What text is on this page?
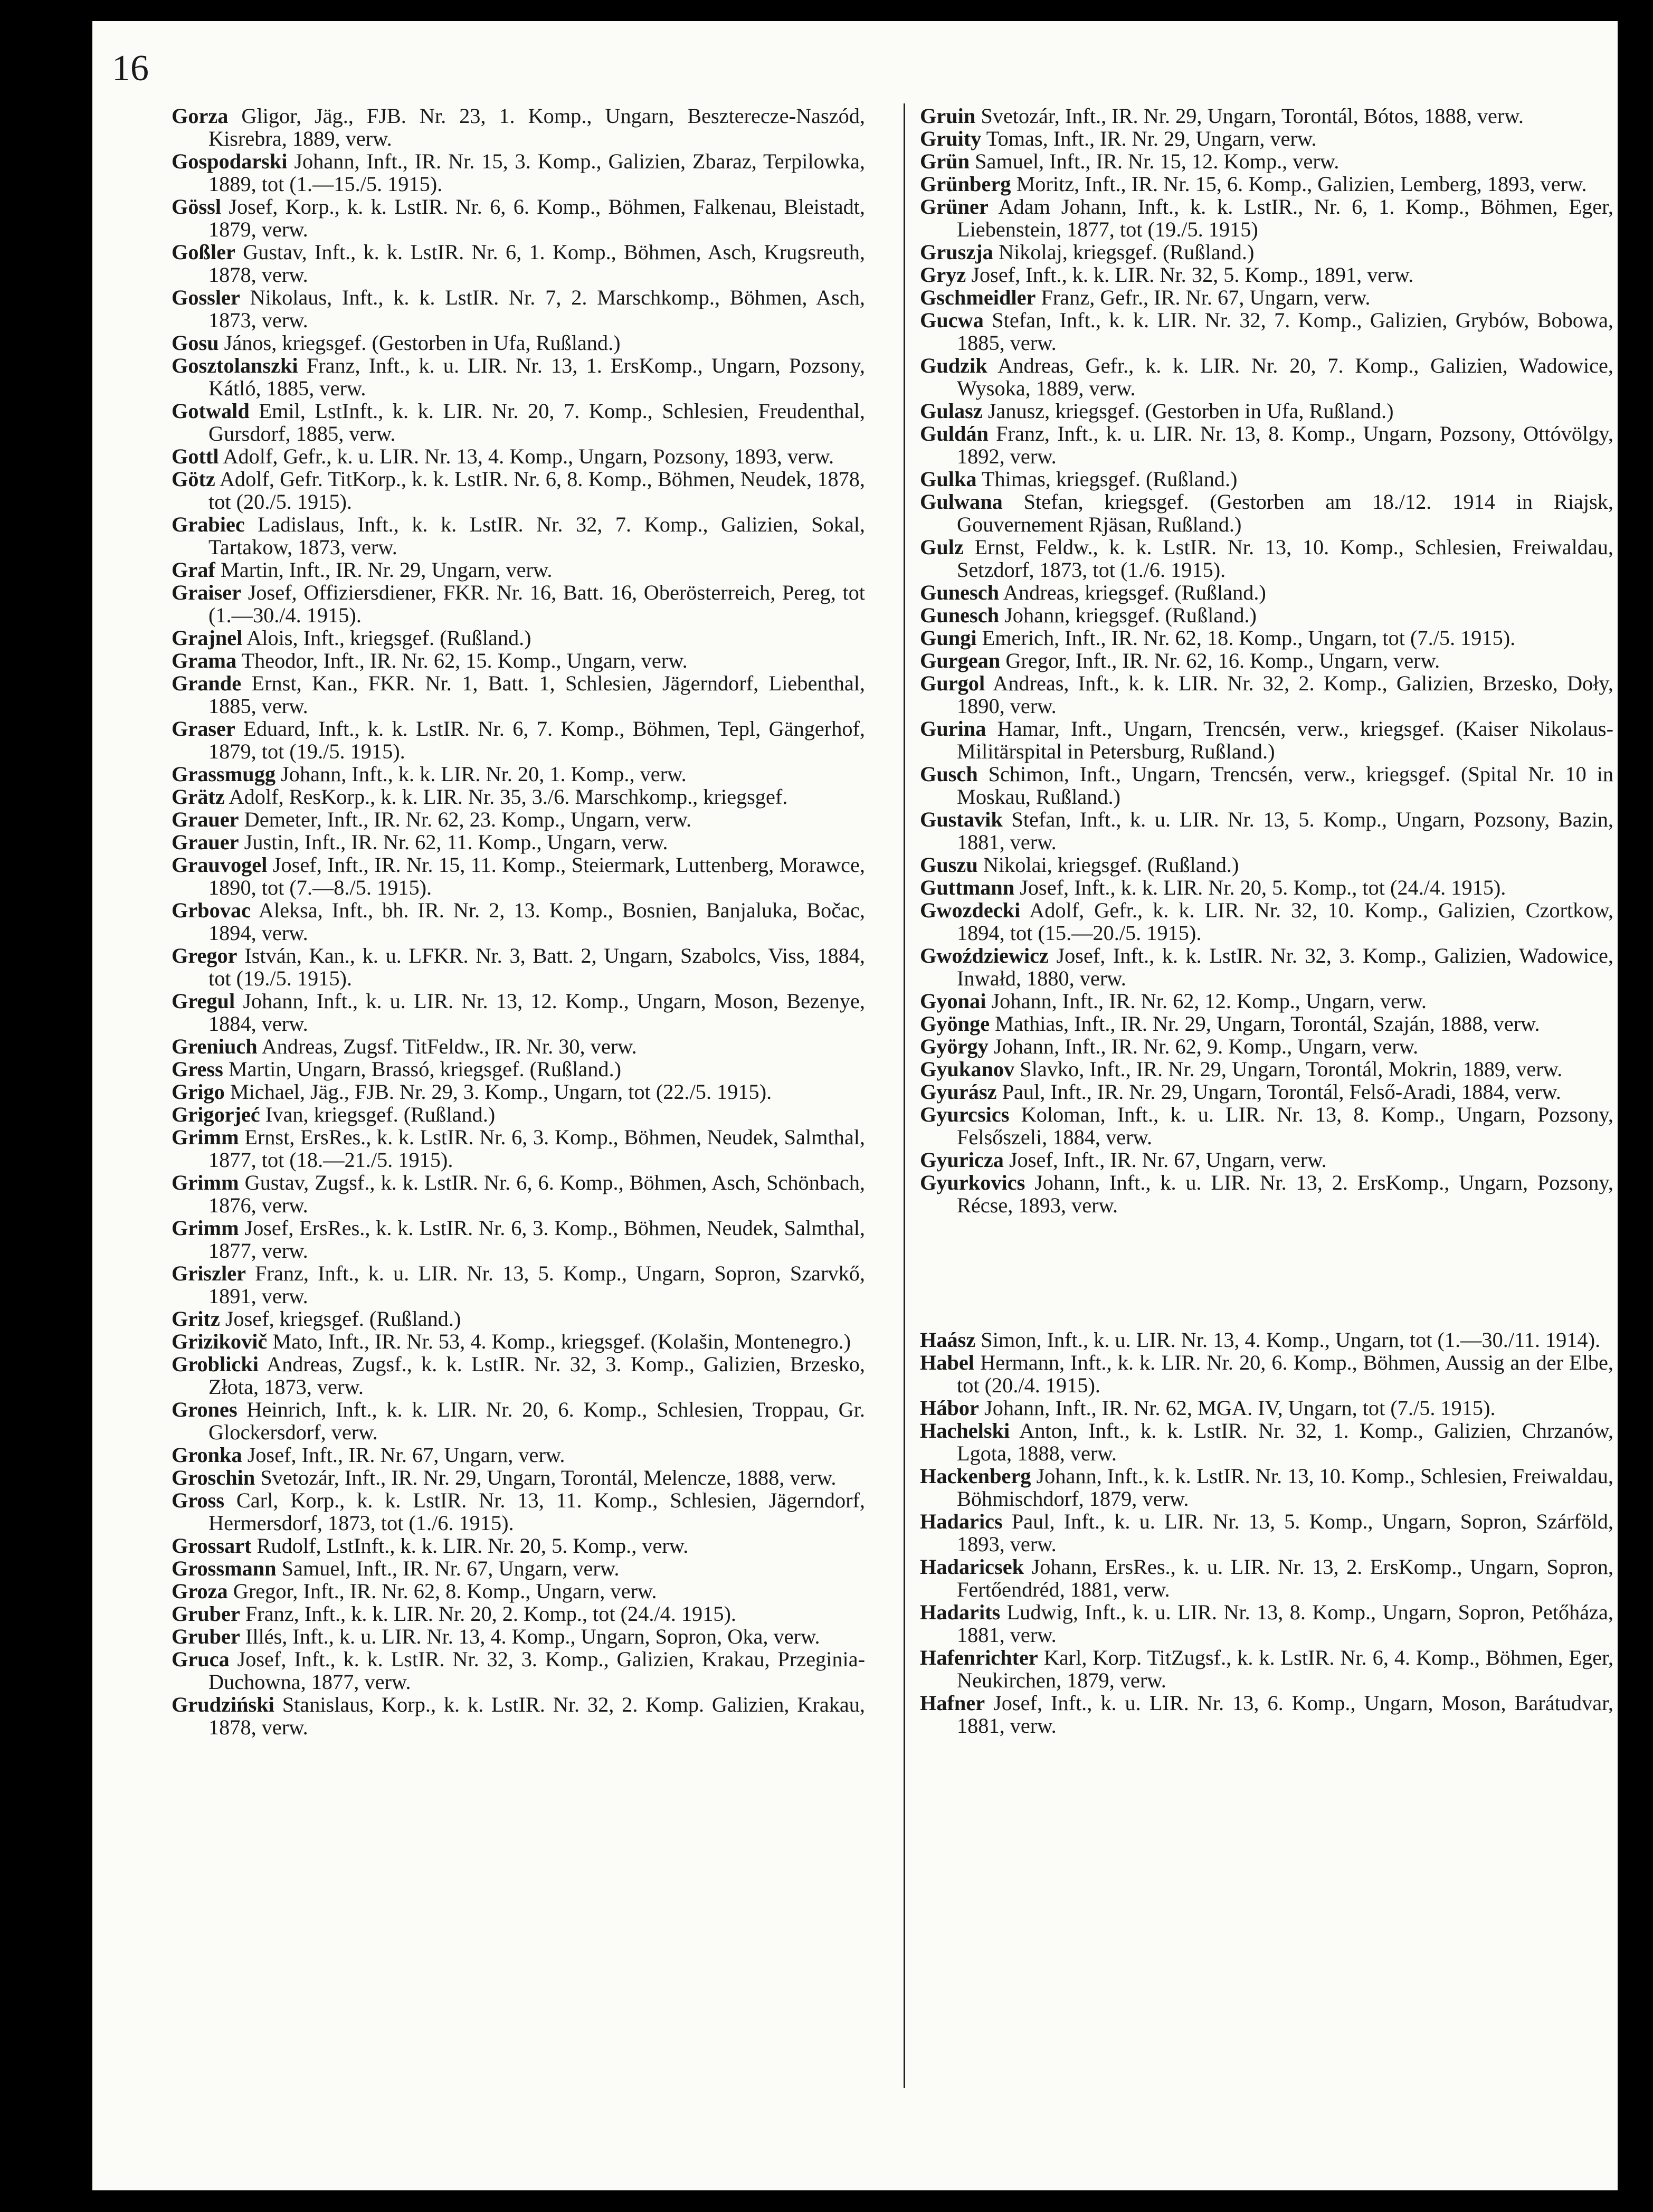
16

Gorza Gligor, Jäg., FJB. Nr. 23, 1. Komp., Ungarn, Beszterecze-Naszód, Kisrebra, 1889, verw.

Gospodarski Johann, Inft., IR. Nr. 15, 3. Komp., Galizien, Zbaraz, Terpilowka, 1889, tot (1.—15./5. 1915).

Gössl Josef, Korp., k. k. LstIR. Nr. 6, 6. Komp., Böhmen, Falkenau, Bleistadt, 1879, verw.

Goßler Gustav, Inft., k. k. LstIR. Nr. 6, 1. Komp., Böhmen, Asch, Krugsreuth, 1878, verw.

Gossler Nikolaus, Inft., k. k. LstIR. Nr. 7, 2. Marschkomp., Böhmen, Asch, 1873, verw.

Gosu János, kriegsgef. (Gestorben in Ufa, Rußland.)

Gosztolanszki Franz, Inft., k. u. LIR. Nr. 13, 1. ErsKomp., Ungarn, Pozsony, Kátló, 1885, verw.

Gotwald Emil, LstInft., k. k. LIR. Nr. 20, 7. Komp., Schlesien, Freudenthal, Gursdorf, 1885, verw.

Gottl Adolf, Gefr., k. u. LIR. Nr. 13, 4. Komp., Ungarn, Pozsony, 1893, verw.

Götz Adolf, Gefr. TitKorp., k. k. LstIR. Nr. 6, 8. Komp., Böhmen, Neudek, 1878, tot (20./5. 1915).

Grabiec Ladislaus, Inft., k. k. LstIR. Nr. 32, 7. Komp., Galizien, Sokal, Tartakow, 1873, verw.

Graf Martin, Inft., IR. Nr. 29, Ungarn, verw.

Graiser Josef, Offiziersdiener, FKR. Nr. 16, Batt. 16, Oberösterreich, Pereg, tot (1.—30./4. 1915).

Grajnel Alois, Inft., kriegsgef. (Rußland.)

Grama Theodor, Inft., IR. Nr. 62, 15. Komp., Ungarn, verw.

Grande Ernst, Kan., FKR. Nr. 1, Batt. 1, Schlesien, Jägerndorf, Liebenthal, 1885, verw.

Graser Eduard, Inft., k. k. LstIR. Nr. 6, 7. Komp., Böhmen, Tepl, Gängerhof, 1879, tot (19./5. 1915).

Grassmugg Johann, Inft., k. k. LIR. Nr. 20, 1. Komp., verw.

Grätz Adolf, ResKorp., k. k. LIR. Nr. 35, 3./6. Marschkomp., kriegsgef.

Grauer Demeter, Inft., IR. Nr. 62, 23. Komp., Ungarn, verw.

Grauer Justin, Inft., IR. Nr. 62, 11. Komp., Ungarn, verw.

Grauvogel Josef, Inft., IR. Nr. 15, 11. Komp., Steiermark, Luttenberg, Morawce, 1890, tot (7.—8./5. 1915).

Grbovac Aleksa, Inft., bh. IR. Nr. 2, 13. Komp., Bosnien, Banjaluka, Bočac, 1894, verw.

Gregor István, Kan., k. u. LFKR. Nr. 3, Batt. 2, Ungarn, Szabolcs, Viss, 1884, tot (19./5. 1915).

Gregul Johann, Inft., k. u. LIR. Nr. 13, 12. Komp., Ungarn, Moson, Bezenye, 1884, verw.

Greniuch Andreas, Zugsf. TitFeldw., IR. Nr. 30, verw.

Gress Martin, Ungarn, Brassó, kriegsgef. (Rußland.)

Grigo Michael, Jäg., FJB. Nr. 29, 3. Komp., Ungarn, tot (22./5. 1915).

Grigorjeć Ivan, kriegsgef. (Rußland.)

Grimm Ernst, ErsRes., k. k. LstIR. Nr. 6, 3. Komp., Böhmen, Neudek, Salmthal, 1877, tot (18.—21./5. 1915).

Grimm Gustav, Zugsf., k. k. LstIR. Nr. 6, 6. Komp., Böhmen, Asch, Schönbach, 1876, verw.

Grimm Josef, ErsRes., k. k. LstIR. Nr. 6, 3. Komp., Böhmen, Neudek, Salmthal, 1877, verw.

Griszler Franz, Inft., k. u. LIR. Nr. 13, 5. Komp., Ungarn, Sopron, Szarvkő, 1891, verw.

Gritz Josef, kriegsgef. (Rußland.)

Grizikovič Mato, Inft., IR. Nr. 53, 4. Komp., kriegsgef. (Kolašin, Montenegro.)

Groblicki Andreas, Zugsf., k. k. LstIR. Nr. 32, 3. Komp., Galizien, Brzesko, Złota, 1873, verw.

Grones Heinrich, Inft., k. k. LIR. Nr. 20, 6. Komp., Schlesien, Troppau, Gr. Glockersdorf, verw.

Gronka Josef, Inft., IR. Nr. 67, Ungarn, verw.

Groschin Svetozár, Inft., IR. Nr. 29, Ungarn, Torontál, Melencze, 1888, verw.

Gross Carl, Korp., k. k. LstIR. Nr. 13, 11. Komp., Schlesien, Jägerndorf, Hermersdorf, 1873, tot (1./6. 1915).

Grossart Rudolf, LstInft., k. k. LIR. Nr. 20, 5. Komp., verw.

Grossmann Samuel, Inft., IR. Nr. 67, Ungarn, verw.

Groza Gregor, Inft., IR. Nr. 62, 8. Komp., Ungarn, verw.

Gruber Franz, Inft., k. k. LIR. Nr. 20, 2. Komp., tot (24./4. 1915).

Gruber Illés, Inft., k. u. LIR. Nr. 13, 4. Komp., Ungarn, Sopron, Oka, verw.

Gruca Josef, Inft., k. k. LstIR. Nr. 32, 3. Komp., Galizien, Krakau, Przeginia-Duchowna, 1877, verw.

Grudziński Stanislaus, Korp., k. k. LstIR. Nr. 32, 2. Komp. Galizien, Krakau, 1878, verw.

Gruin Svetozár, Inft., IR. Nr. 29, Ungarn, Torontál, Bótos, 1888, verw.

Gruity Tomas, Inft., IR. Nr. 29, Ungarn, verw.

Grün Samuel, Inft., IR. Nr. 15, 12. Komp., verw.

Grünberg Moritz, Inft., IR. Nr. 15, 6. Komp., Galizien, Lemberg, 1893, verw.

Grüner Adam Johann, Inft., k. k. LstIR., Nr. 6, 1. Komp., Böhmen, Eger, Liebenstein, 1877, tot (19./5. 1915)

Gruszja Nikolaj, kriegsgef. (Rußland.)

Gryz Josef, Inft., k. k. LIR. Nr. 32, 5. Komp., 1891, verw.

Gschmeidler Franz, Gefr., IR. Nr. 67, Ungarn, verw.

Gucwa Stefan, Inft., k. k. LIR. Nr. 32, 7. Komp., Galizien, Grybów, Bobowa, 1885, verw.

Gudzik Andreas, Gefr., k. k. LIR. Nr. 20, 7. Komp., Galizien, Wadowice, Wysoka, 1889, verw.

Gulasz Janusz, kriegsgef. (Gestorben in Ufa, Rußland.)

Guldán Franz, Inft., k. u. LIR. Nr. 13, 8. Komp., Ungarn, Pozsony, Ottóvölgy, 1892, verw.

Gulka Thimas, kriegsgef. (Rußland.)

Gulwana Stefan, kriegsgef. (Gestorben am 18./12. 1914 in Riajsk, Gouvernement Rjäsan, Rußland.)

Gulz Ernst, Feldw., k. k. LstIR. Nr. 13, 10. Komp., Schlesien, Freiwaldau, Setzdorf, 1873, tot (1./6. 1915).

Gunesch Andreas, kriegsgef. (Rußland.)

Gunesch Johann, kriegsgef. (Rußland.)

Gungi Emerich, Inft., IR. Nr. 62, 18. Komp., Ungarn, tot (7./5. 1915).

Gurgean Gregor, Inft., IR. Nr. 62, 16. Komp., Ungarn, verw.

Gurgol Andreas, Inft., k. k. LIR. Nr. 32, 2. Komp., Galizien, Brzesko, Doły, 1890, verw.

Gurina Hamar, Inft., Ungarn, Trencsén, verw., kriegsgef. (Kaiser Nikolaus-Militärspital in Petersburg, Rußland.)

Gusch Schimon, Inft., Ungarn, Trencsén, verw., kriegsgef. (Spital Nr. 10 in Moskau, Rußland.)

Gustavik Stefan, Inft., k. u. LIR. Nr. 13, 5. Komp., Ungarn, Pozsony, Bazin, 1881, verw.

Guszu Nikolai, kriegsgef. (Rußland.)

Guttmann Josef, Inft., k. k. LIR. Nr. 20, 5. Komp., tot (24./4. 1915).

Gwozdecki Adolf, Gefr., k. k. LIR. Nr. 32, 10. Komp., Galizien, Czortkow, 1894, tot (15.—20./5. 1915).

Gwoździewicz Josef, Inft., k. k. LstIR. Nr. 32, 3. Komp., Galizien, Wadowice, Inwałd, 1880, verw.

Gyonai Johann, Inft., IR. Nr. 62, 12. Komp., Ungarn, verw.

Gyönge Mathias, Inft., IR. Nr. 29, Ungarn, Torontál, Szaján, 1888, verw.

György Johann, Inft., IR. Nr. 62, 9. Komp., Ungarn, verw.

Gyukanov Slavko, Inft., IR. Nr. 29, Ungarn, Torontál, Mokrin, 1889, verw.

Gyurász Paul, Inft., IR. Nr. 29, Ungarn, Torontál, Felső-Aradi, 1884, verw.

Gyurcsics Koloman, Inft., k. u. LIR. Nr. 13, 8. Komp., Ungarn, Pozsony, Felsőszeli, 1884, verw.

Gyuricza Josef, Inft., IR. Nr. 67, Ungarn, verw.

Gyurkovics Johann, Inft., k. u. LIR. Nr. 13, 2. ErsKomp., Ungarn, Pozsony, Récse, 1893, verw.

Haász Simon, Inft., k. u. LIR. Nr. 13, 4. Komp., Ungarn, tot (1.—30./11. 1914).

Habel Hermann, Inft., k. k. LIR. Nr. 20, 6. Komp., Böhmen, Aussig an der Elbe, tot (20./4. 1915).

Hábor Johann, Inft., IR. Nr. 62, MGA. IV, Ungarn, tot (7./5. 1915).

Hachelski Anton, Inft., k. k. LstIR. Nr. 32, 1. Komp., Galizien, Chrzanów, Lgota, 1888, verw.

Hackenberg Johann, Inft., k. k. LstIR. Nr. 13, 10. Komp., Schlesien, Freiwaldau, Böhmischdorf, 1879, verw.

Hadarics Paul, Inft., k. u. LIR. Nr. 13, 5. Komp., Ungarn, Sopron, Szárföld, 1893, verw.

Hadaricsek Johann, ErsRes., k. u. LIR. Nr. 13, 2. ErsKomp., Ungarn, Sopron, Fertőendréd, 1881, verw.

Hadarits Ludwig, Inft., k. u. LIR. Nr. 13, 8. Komp., Ungarn, Sopron, Petőháza, 1881, verw.

Hafenrichter Karl, Korp. TitZugsf., k. k. LstIR. Nr. 6, 4. Komp., Böhmen, Eger, Neukirchen, 1879, verw.

Hafner Josef, Inft., k. u. LIR. Nr. 13, 6. Komp., Ungarn, Moson, Barátudvar, 1881, verw.
